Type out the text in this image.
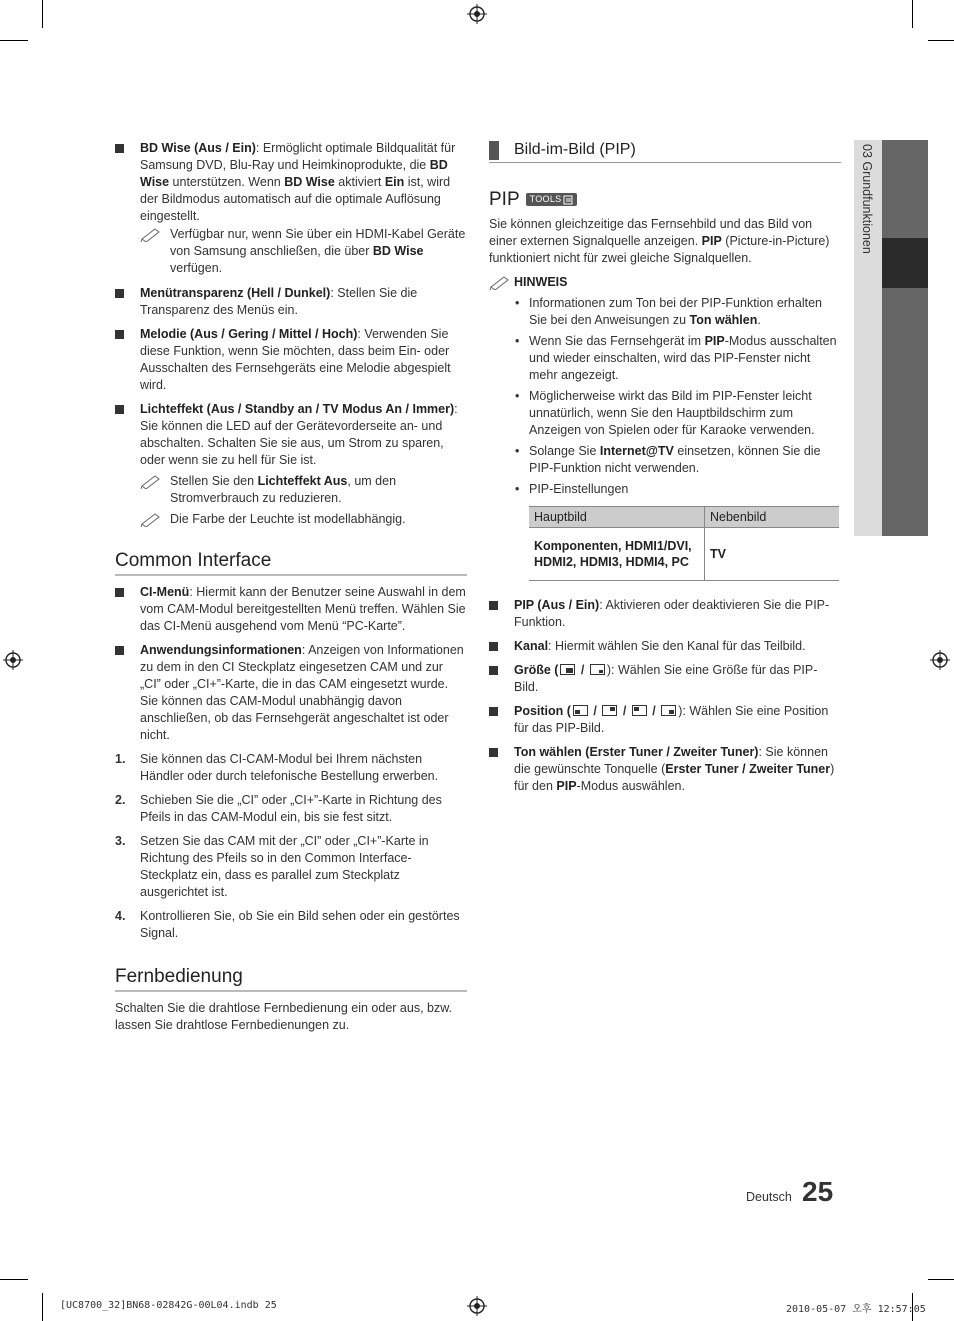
BD Wise (Aus / Ein): Ermöglicht optimale Bildqualität für Samsung DVD, Blu-Ray und Heimkinoprodukte, die BD Wise unterstützen. Wenn BD Wise aktiviert Ein ist, wird der Bildmodus automatisch auf die optimale Auflösung eingestellt.
Verfügbar nur, wenn Sie über ein HDMI-Kabel Geräte von Samsung anschließen, die über BD Wise verfügen.
Menütransparenz (Hell / Dunkel): Stellen Sie die Transparenz des Menüs ein.
Melodie (Aus / Gering / Mittel / Hoch): Verwenden Sie diese Funktion, wenn Sie möchten, dass beim Ein- oder Ausschalten des Fernsehgeräts eine Melodie abgespielt wird.
Lichteffekt (Aus / Standby an / TV Modus An / Immer): Sie können die LED auf der Gerätevorderseite an- und abschalten. Schalten Sie sie aus, um Strom zu sparen, oder wenn sie zu hell für Sie ist.
Stellen Sie den Lichteffekt Aus, um den Stromverbrauch zu reduzieren.
Die Farbe der Leuchte ist modellabhängig.
Common Interface
CI-Menü: Hiermit kann der Benutzer seine Auswahl in dem vom CAM-Modul bereitgestellten Menü treffen. Wählen Sie das CI-Menü ausgehend vom Menü “PC-Karte”.
Anwendungsinformationen: Anzeigen von Informationen zu dem in den CI Steckplatz eingesetzen CAM und zur „CI” oder „CI+”-Karte, die in das CAM eingesetzt wurde. Sie können das CAM-Modul unabhängig davon anschließen, ob das Fernsehgerät angeschaltet ist oder nicht.
1. Sie können das CI-CAM-Modul bei Ihrem nächsten Händler oder durch telefonische Bestellung erwerben.
2. Schieben Sie die „CI” oder „CI+”-Karte in Richtung des Pfeils in das CAM-Modul ein, bis sie fest sitzt.
3. Setzen Sie das CAM mit der „CI” oder „CI+”-Karte in Richtung des Pfeils so in den Common Interface-Steckplatz ein, dass es parallel zum Steckplatz ausgerichtet ist.
4. Kontrollieren Sie, ob Sie ein Bild sehen oder ein gestörtes Signal.
Fernbedienung
Schalten Sie die drahtlose Fernbedienung ein oder aus, bzw. lassen Sie drahtlose Fernbedienungen zu.
Bild-im-Bild (PIP)
PIP TOOLS
Sie können gleichzeitige das Fernsehbild und das Bild von einer externen Signalquelle anzeigen. PIP (Picture-in-Picture) funktioniert nicht für zwei gleiche Signalquellen.
HINWEIS
• Informationen zum Ton bei der PIP-Funktion erhalten Sie bei den Anweisungen zu Ton wählen.
• Wenn Sie das Fernsehgerät im PIP-Modus ausschalten und wieder einschalten, wird das PIP-Fenster nicht mehr angezeigt.
• Möglicherweise wirkt das Bild im PIP-Fenster leicht unnatürlich, wenn Sie den Hauptbildschirm zum Anzeigen von Spielen oder für Karaoke verwenden.
• Solange Sie Internet@TV einsetzen, können Sie die PIP-Funktion nicht verwenden.
• PIP-Einstellungen
Hauptbild	Nebenbild
Komponenten, HDMI1/DVI, HDMI2, HDMI3, HDMI4, PC	TV
PIP (Aus / Ein): Aktivieren oder deaktivieren Sie die PIP-Funktion.
Kanal: Hiermit wählen Sie den Kanal für das Teilbild.
Größe (
/
): Wählen Sie eine Größe für das PIP-Bild.
Position (
/
/
/
): Wählen Sie eine Position für das PIP-Bild.
Ton wählen (Erster Tuner / Zweiter Tuner): Sie können die gewünschte Tonquelle (Erster Tuner / Zweiter Tuner) für den PIP-Modus auswählen.
03 Grundfunktionen
Deutsch 25
[UC8700_32]BN68-02842G-00L04.indb 25	2010-05-07 오후 12:57:05
